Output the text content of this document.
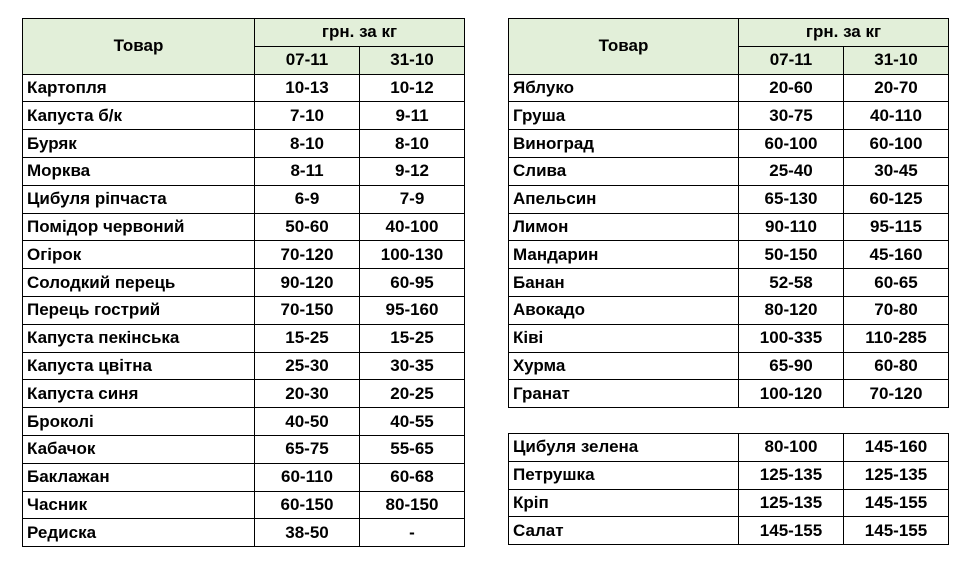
Товар	грн. за кг	
	07-11	31-10
Картопля	10-13	10-12
Капуста б/к	7-10	9-11
Буряк	8-10	8-10
Морква	8-11	9-12
Цибуля ріпчаста	6-9	7-9
Помідор червоний	50-60	40-100
Огірок	70-120	100-130
Солодкий перець	90-120	60-95
Перець гострий	70-150	95-160
Капуста пекінська	15-25	15-25
Капуста цвітна	25-30	30-35
Капуста синя	20-30	20-25
Броколі	40-50	40-55
Кабачок	65-75	55-65
Баклажан	60-110	60-68
Часник	60-150	80-150
Редиска	38-50	-
Товар	грн. за кг	
	07-11	31-10
Яблуко	20-60	20-70
Груша	30-75	40-110
Виноград	60-100	60-100
Слива	25-40	30-45
Апельсин	65-130	60-125
Лимон	90-110	95-115
Мандарин	50-150	45-160
Банан	52-58	60-65
Авокадо	80-120	70-80
Ківі	100-335	110-285
Хурма	65-90	60-80
Гранат	100-120	70-120
Цибуля зелена	80-100	145-160
Петрушка	125-135	125-135
Кріп	125-135	145-155
Салат	145-155	145-155
